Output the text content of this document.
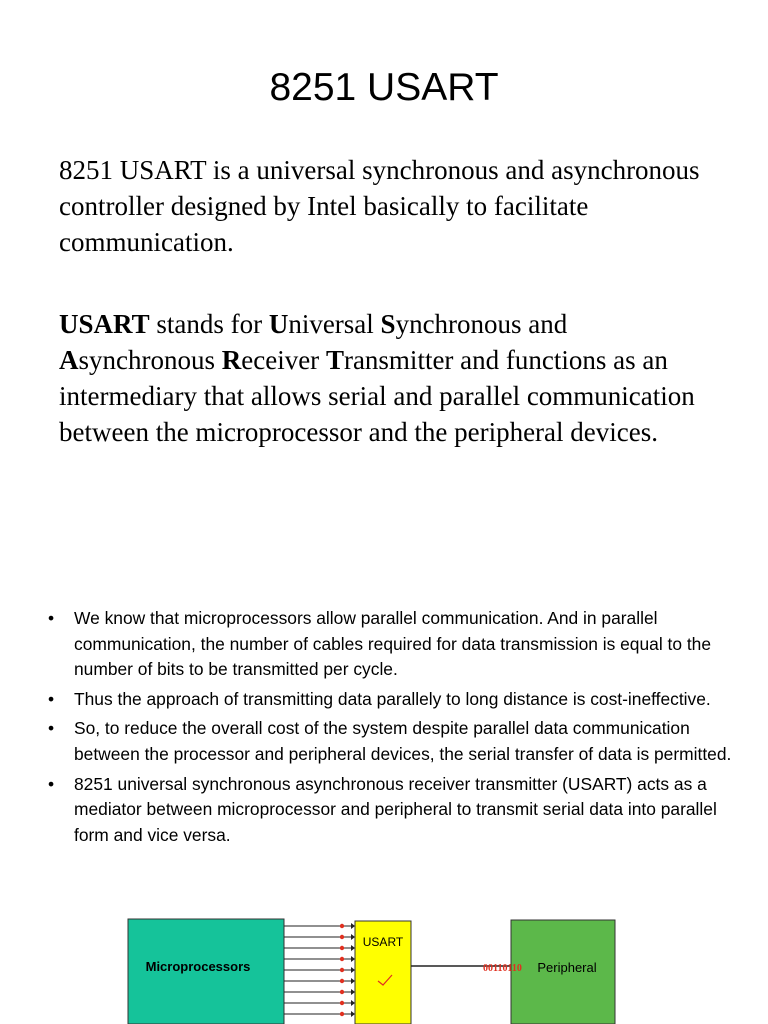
8251 USART

8251 USART is a universal synchronous and asynchronous controller designed by Intel basically to facilitate communication.

USART stands for Universal Synchronous and Asynchronous Receiver Transmitter and functions as an intermediary that allows serial and parallel communication between the microprocessor and the peripheral devices.

• We know that microprocessors allow parallel communication. And in parallel communication, the number of cables required for data transmission is equal to the number of bits to be transmitted per cycle.
• Thus the approach of transmitting data parallely to long distance is cost-ineffective.
• So, to reduce the overall cost of the system despite parallel data communication between the processor and peripheral devices, the serial transfer of data is permitted.
• 8251 universal synchronous asynchronous receiver transmitter (USART) acts as a mediator between microprocessor and peripheral to transmit serial data into parallel form and vice versa.
Microprocessors
USART
00110110 Peripheral
